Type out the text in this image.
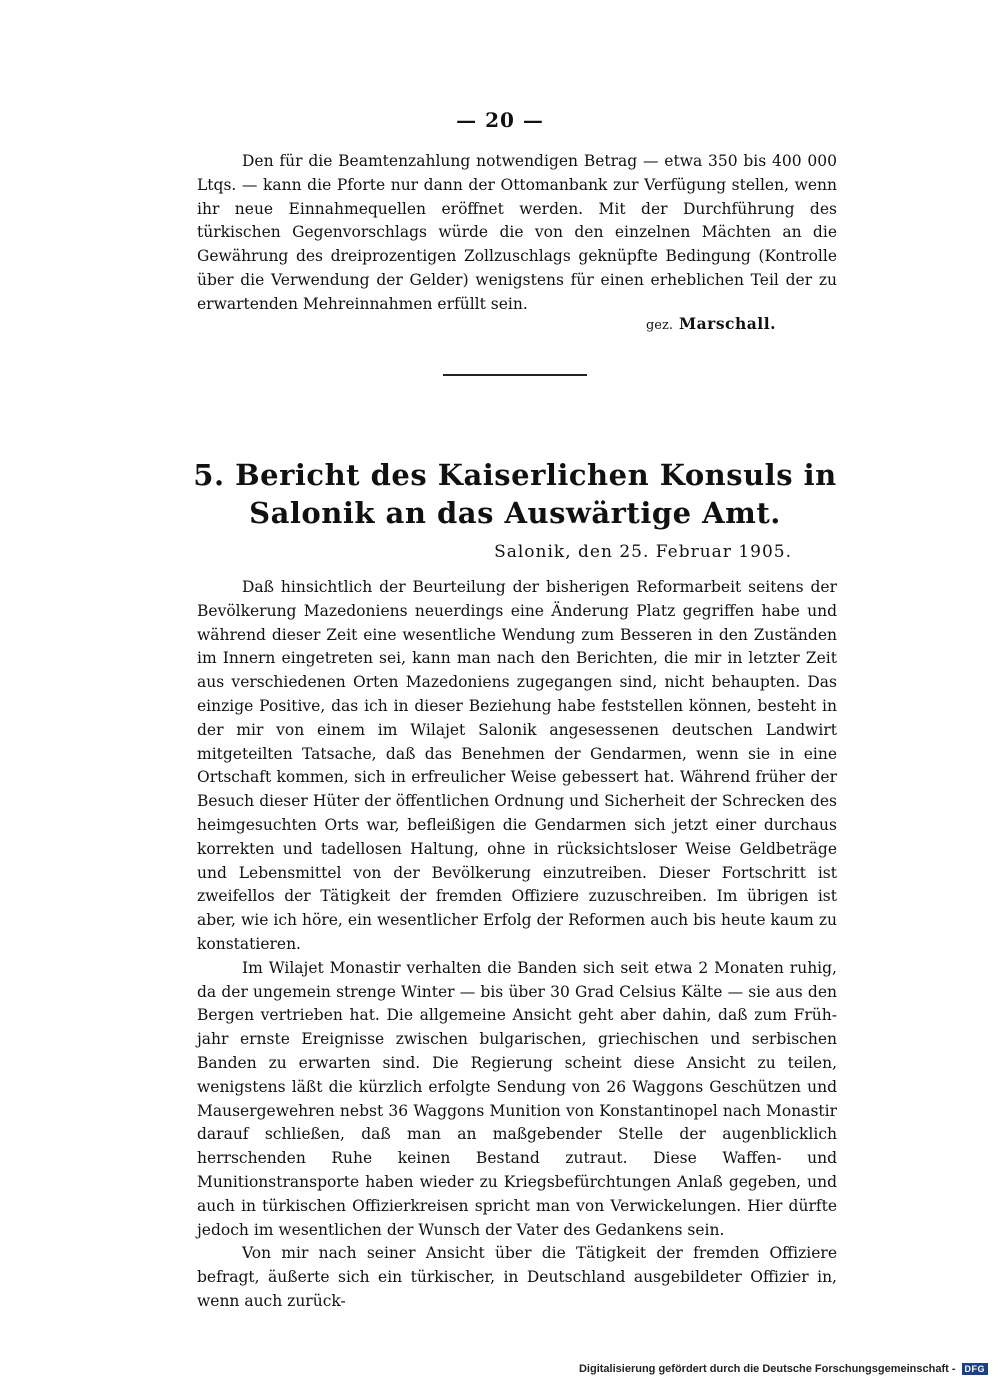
— 20 —

Den für die Beamtenzahlung notwendigen Betrag — etwa 350 bis 400 000 Ltqs. — kann die Pforte nur dann der Ottomanbank zur Verfügung stellen, wenn ihr neue Einnahmequellen eröffnet werden. Mit der Durchführung des türkischen Gegenvorschlags würde die von den einzelnen Mächten an die Gewährung des dreiprozentigen Zollzuschlags geknüpfte Bedingung (Kontrolle über die Verwendung der Gelder) wenigstens für einen erheblichen Teil der zu erwartenden Mehreinnahmen erfüllt sein.

gez. Marschall.
5. Bericht des Kaiserlichen Konsuls in Salonik an das Auswärtige Amt.
Salonik, den 25. Februar 1905.

Daß hinsichtlich der Beurteilung der bisherigen Reformarbeit seitens der Bevölkerung Mazedoniens neuerdings eine Änderung Platz gegriffen habe und während dieser Zeit eine wesentliche Wendung zum Besseren in den Zuständen im Innern eingetreten sei, kann man nach den Berichten, die mir in letzter Zeit aus verschiedenen Orten Mazedoniens zugegangen sind, nicht behaupten. Das einzige Positive, das ich in dieser Beziehung habe feststellen können, besteht in der mir von einem im Wilajet Salonik angesessenen deutschen Landwirt mitgeteilten Tatsache, daß das Benehmen der Gendarmen, wenn sie in eine Ortschaft kommen, sich in erfreulicher Weise gebessert hat. Während früher der Besuch dieser Hüter der öffentlichen Ordnung und Sicherheit der Schrecken des heimgesuchten Orts war, befleißigen die Gendarmen sich jetzt einer durchaus korrekten und tadellosen Haltung, ohne in rücksichtsloser Weise Geldbeträge und Lebensmittel von der Bevölkerung einzutreiben. Dieser Fortschritt ist zweifellos der Tätigkeit der fremden Offiziere zuzuschreiben. Im übrigen ist aber, wie ich höre, ein wesentlicher Erfolg der Reformen auch bis heute kaum zu konstatieren.

Im Wilajet Monastir verhalten die Banden sich seit etwa 2 Monaten ruhig, da der ungemein strenge Winter — bis über 30 Grad Celsius Kälte — sie aus den Bergen vertrieben hat. Die allgemeine Ansicht geht aber dahin, daß zum Frühjahr ernste Ereignisse zwischen bulgarischen, griechischen und serbischen Banden zu erwarten sind. Die Regierung scheint diese Ansicht zu teilen, wenigstens läßt die kürzlich erfolgte Sendung von 26 Waggons Geschützen und Mausergewehren nebst 36 Waggons Munition von Konstantinopel nach Monastir darauf schließen, daß man an maßgebender Stelle der augenblicklich herrschenden Ruhe keinen Bestand zutraut. Diese Waffen- und Munitionstransporte haben wieder zu Kriegsbefürchtungen Anlaß gegeben, und auch in türkischen Offizierkreisen spricht man von Verwickelungen. Hier dürfte jedoch im wesentlichen der Wunsch der Vater des Gedankens sein.

Von mir nach seiner Ansicht über die Tätigkeit der fremden Offiziere befragt, äußerte sich ein türkischer, in Deutschland ausgebildeter Offizier in, wenn auch zurück-

Digitalisierung gefördert durch die Deutsche Forschungsgemeinschaft -	DFG
